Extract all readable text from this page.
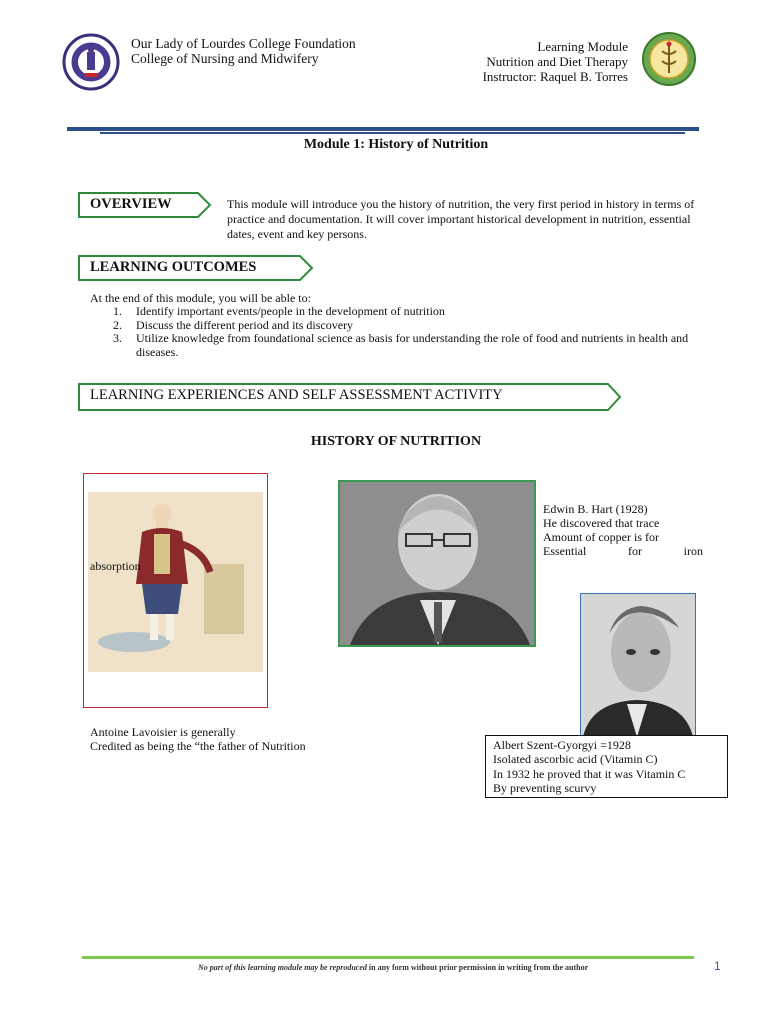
Our Lady of Lourdes College Foundation
College of Nursing and Midwifery
Learning Module
Nutrition and Diet Therapy
Instructor: Raquel B. Torres
Module 1: History of Nutrition
OVERVIEW	This module will introduce you the history of nutrition, the very first period in history in terms of practice and documentation. It will cover important historical development in nutrition, essential dates, event and key persons.
LEARNING OUTCOMES
At the end of this module, you will be able to:
1. Identify important events/people in the development of nutrition
2. Discuss the different period and its discovery
3. Utilize knowledge from foundational science as basis for understanding the role of food and nutrients in health and diseases.
LEARNING EXPERIENCES AND SELF ASSESSMENT ACTIVITY
HISTORY OF NUTRITION
absorption
Edwin B. Hart (1928)
He discovered that trace
Amount of copper is for
Essential	for	iron
Antoine Lavoisier is generally
Credited as being the “the father of Nutrition	Albert Szent-Gyorgyi =1928
Isolated ascorbic acid (Vitamin C)
In 1932 he proved that it was Vitamin C
By preventing scurvy
No part of this learning module may be reproduced in any form without prior permission in writing from the author	1
